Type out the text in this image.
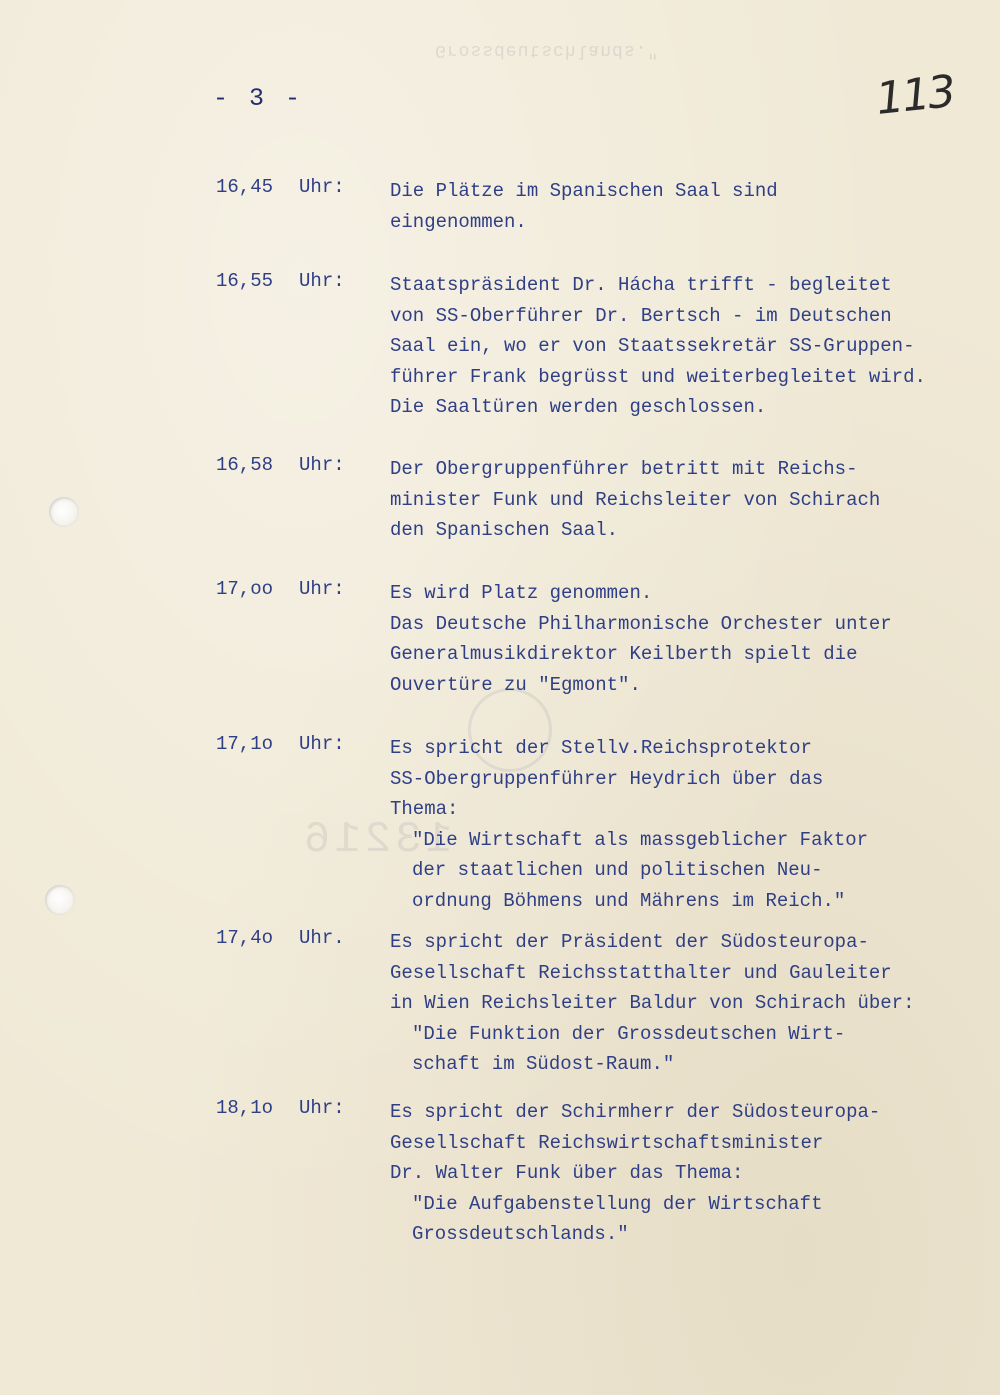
Grossdeutschlands."
13216
- 3 -	113
16,45 Uhr: Die Plätze im Spanischen Saal sind
eingenommen.
16,55 Uhr: Staatspräsident Dr. Hácha trifft - begleitet
von SS-Oberführer Dr. Bertsch - im Deutschen
Saal ein, wo er von Staatssekretär SS-Gruppen-
führer Frank begrüsst und weiterbegleitet wird.
Die Saaltüren werden geschlossen.
16,58 Uhr: Der Obergruppenführer betritt mit Reichs-
minister Funk und Reichsleiter von Schirach
den Spanischen Saal.
17,oo Uhr: Es wird Platz genommen.
Das Deutsche Philharmonische Orchester unter
Generalmusikdirektor Keilberth spielt die
Ouvertüre zu "Egmont".
17,1o Uhr: Es spricht der Stellv.Reichsprotektor
SS-Obergruppenführer Heydrich über das
Thema:
"Die Wirtschaft als massgeblicher Faktor
der staatlichen und politischen Neu-
ordnung Böhmens und Mährens im Reich."
17,4o Uhr. Es spricht der Präsident der Südosteuropa-
Gesellschaft Reichsstatthalter und Gauleiter
in Wien Reichsleiter Baldur von Schirach über:
"Die Funktion der Grossdeutschen Wirt-
schaft im Südost-Raum."
18,1o Uhr: Es spricht der Schirmherr der Südosteuropa-
Gesellschaft Reichswirtschaftsminister
Dr. Walter Funk über das Thema:
"Die Aufgabenstellung der Wirtschaft
Grossdeutschlands."
